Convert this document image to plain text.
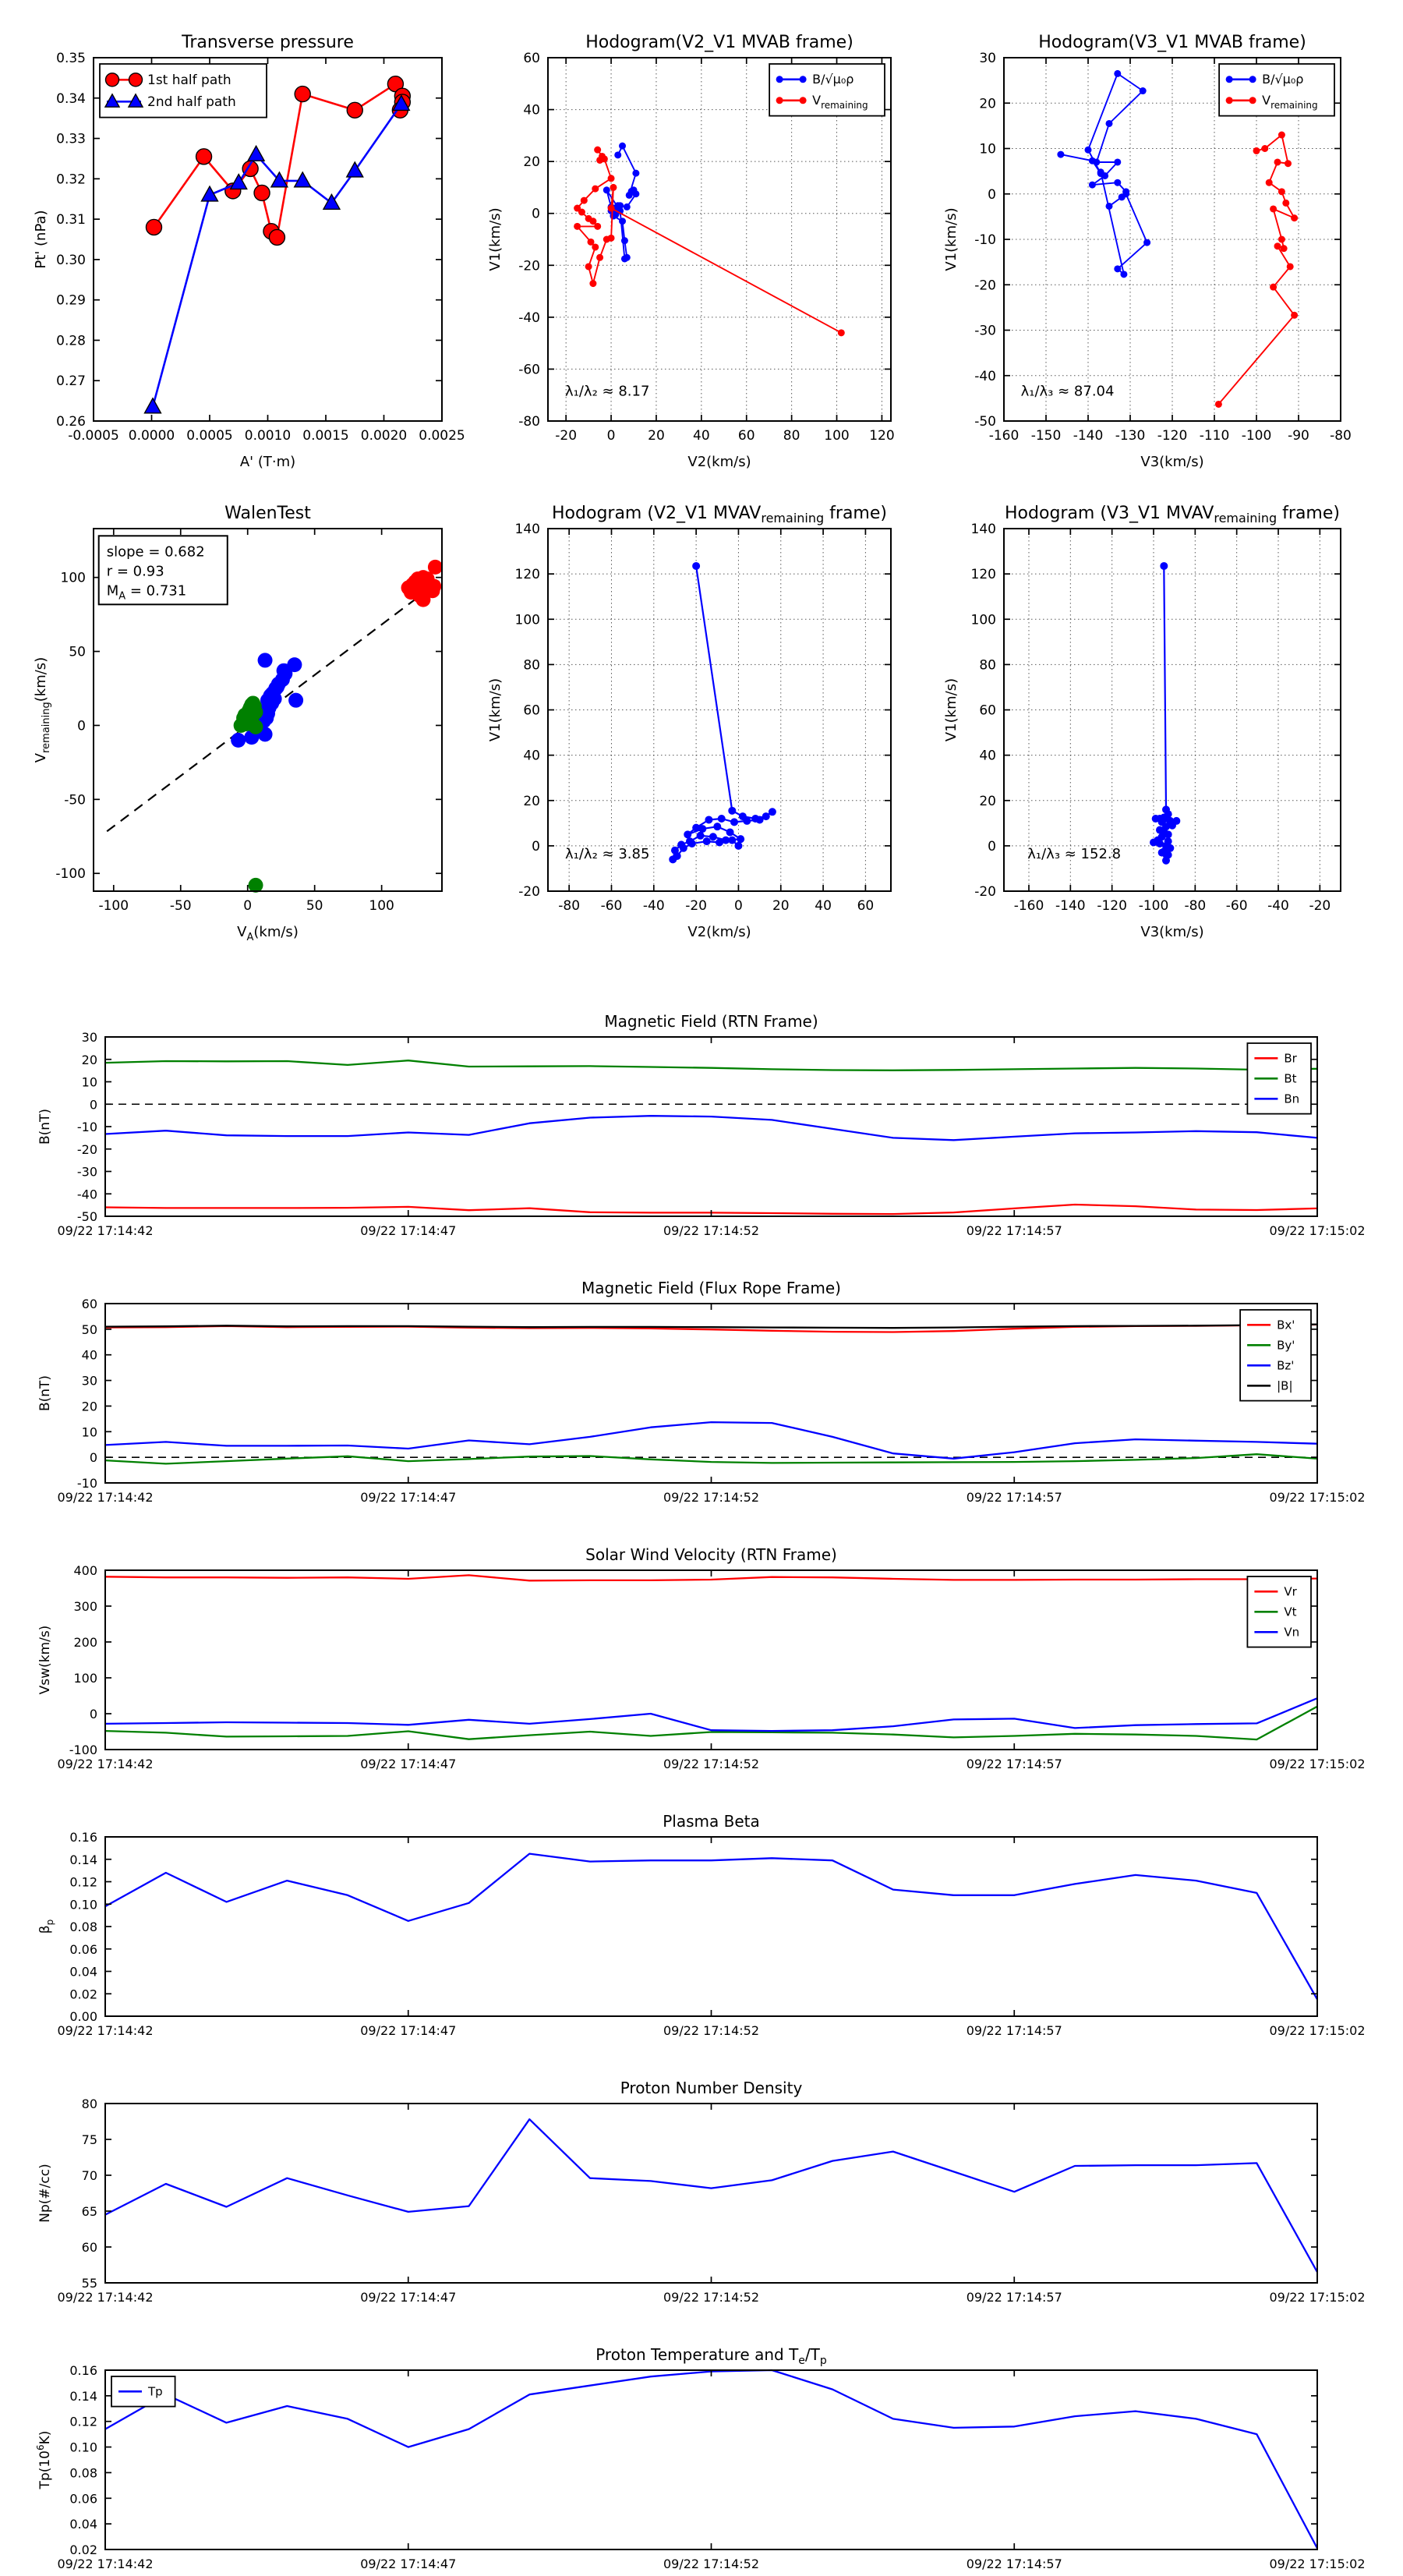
-0.0005 0.0000 0.0005 0.0010 0.0015 0.0020 0.0025
0.26
0.27
0.28
0.29
0.30
0.31
0.32
0.33
0.34
0.35
Transverse pressure
A' (T·m)
Pt' (nPa)
1st half path
2nd half path
-20 0 20 40 60 80 100 120
-80
-60
-40
-20
0
20
40
60
Hodogram(V2_V1 MVAB frame)
V2(km/s)
V1(km/s)
B/√μ₀ρ
$V_{remaining}$
λ₁/λ₂ ≈ 8.17
-160 -150 -140 -130 -120 -110 -100 -90 -80
-50
-40
-30
-20
-10
0
10
20
30
Hodogram(V3_V1 MVAB frame)
V3(km/s)
V1(km/s)
B/√μ₀ρ
$V_{remaining}$
λ₁/λ₃ ≈ 87.04
-100	-50	0	50	100
-100
-50
0
50
100
WalenTest
$V_A(km/s)$
$V_{remaining}(km/s)$
slope = 0.682
r = 0.93
$M_A = 0.731$
-80 -60 -40 -20 0 20 40 60
-20
0
20
40
60
80
100
120
140
Hodogram (V2_V1 $MVAV_{remaining}$ frame)
V2(km/s)
V1(km/s)
λ₁/λ₂ ≈ 3.85
-160 -140 -120 -100 -80 -60 -40 -20
-20
0
20
40
60
80
100
120
140
Hodogram (V3_V1 $MVAV_{remaining}$ frame)
V3(km/s)
V1(km/s)
λ₁/λ₃ ≈ 152.8
09/22 17:14:42	09/22 17:14:47	09/22 17:14:52	09/22 17:14:57	09/22 17:15:02
-50
-40
-30
-20
-10
0
10
20
30
Magnetic Field (RTN Frame)
B(nT)
Br
Bt
Bn
09/22 17:14:42	09/22 17:14:47	09/22 17:14:52	09/22 17:14:57	09/22 17:15:02
-10
0
10
20
30
40
50
60
Magnetic Field (Flux Rope Frame)
B(nT)
Bx'
By'
Bz'
|B|
09/22 17:14:42	09/22 17:14:47	09/22 17:14:52	09/22 17:14:57	09/22 17:15:02
-100
0
100
200
300
400
Solar Wind Velocity (RTN Frame)
Vsw(km/s)
Vr
Vt
Vn
09/22 17:14:42	09/22 17:14:47	09/22 17:14:52	09/22 17:14:57	09/22 17:15:02
0.00
0.02
0.04
0.06
0.08
0.10
0.12
0.14
0.16
Plasma Beta
$\beta_p$
09/22 17:14:42	09/22 17:14:47	09/22 17:14:52	09/22 17:14:57	09/22 17:15:02
55
60
65
70
75
80
Proton Number Density
Np(#/cc)
09/22 17:14:42	09/22 17:14:47	09/22 17:14:52	09/22 17:14:57	09/22 17:15:02
0.02
0.04
0.06
0.08
0.10
0.12
0.14
0.16
Proton Temperature and $T_e/T_p$
$Tp(10^6K)$
Tp
